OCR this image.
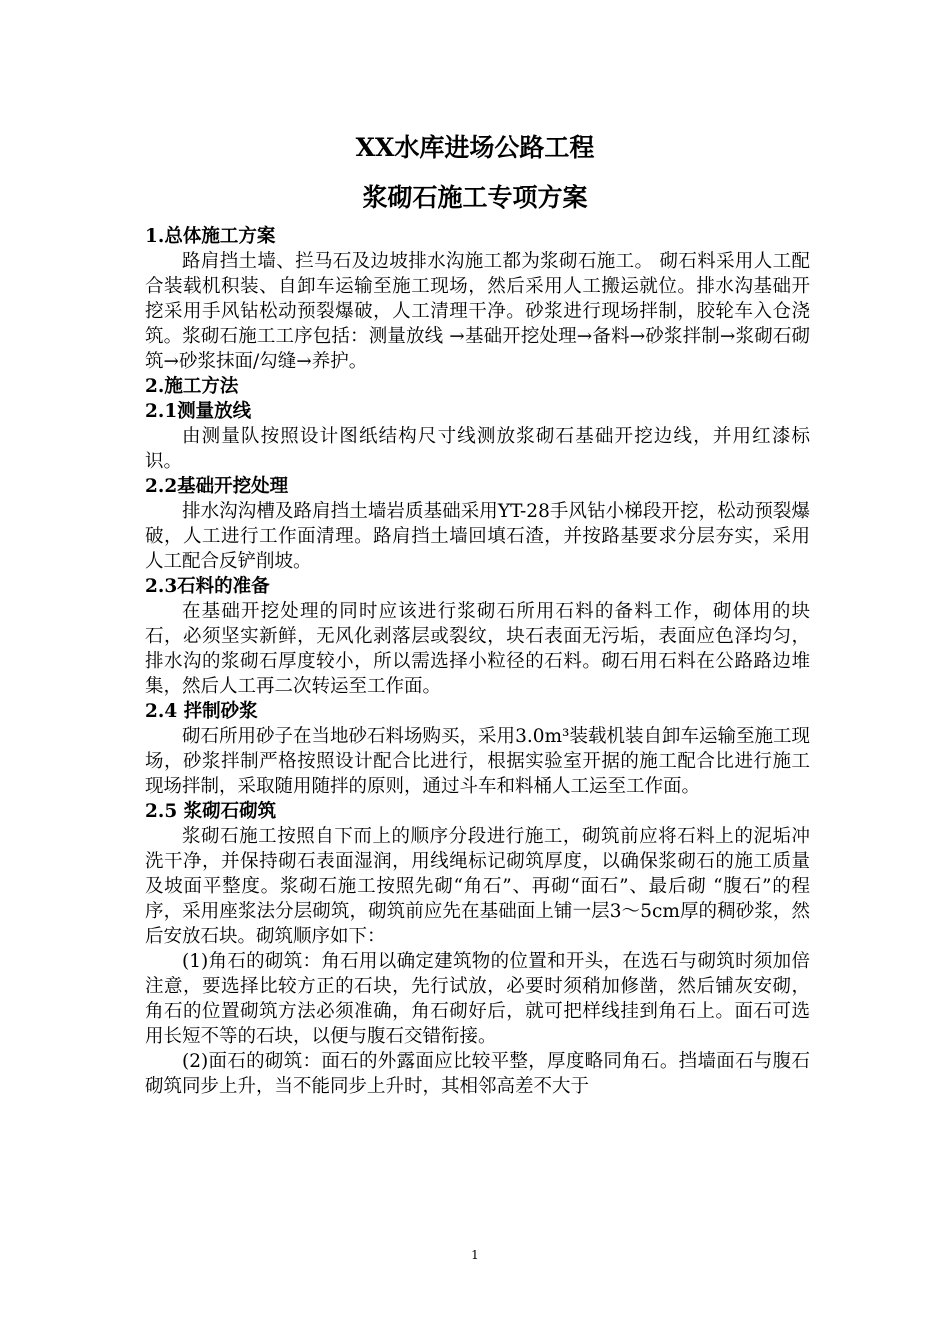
XX水库进场公路工程
浆砌石施工专项方案

1.总体施工方案

路肩挡土墙、拦马石及边坡排水沟施工都为浆砌石施工。 砌石料采用人工配合装载机积装、自卸车运输至施工现场，然后采用人工搬运就位。排水沟基础开挖采用手风钻松动预裂爆破，人工清理干净。砂浆进行现场拌制，胶轮车入仓浇筑。浆砌石施工工序包括：测量放线 →基础开挖处理→备料→砂浆拌制→浆砌石砌筑→砂浆抹面/勾缝→养护。

2.施工方法

2.1测量放线

由测量队按照设计图纸结构尺寸线测放浆砌石基础开挖边线，并用红漆标识。

2.2基础开挖处理

排水沟沟槽及路肩挡土墙岩质基础采用YT-28手风钻小梯段开挖，松动预裂爆破，人工进行工作面清理。路肩挡土墙回填石渣，并按路基要求分层夯实，采用人工配合反铲削坡。

2.3石料的准备

在基础开挖处理的同时应该进行浆砌石所用石料的备料工作，砌体用的块石，必须坚实新鲜，无风化剥落层或裂纹，块石表面无污垢，表面应色泽均匀，排水沟的浆砌石厚度较小，所以需选择小粒径的石料。砌石用石料在公路路边堆集，然后人工再二次转运至工作面。

2.4 拌制砂浆

砌石所用砂子在当地砂石料场购买，采用3.0m³装载机装自卸车运输至施工现场，砂浆拌制严格按照设计配合比进行，根据实验室开据的施工配合比进行施工现场拌制，采取随用随拌的原则，通过斗车和料桶人工运至工作面。

2.5 浆砌石砌筑

浆砌石施工按照自下而上的顺序分段进行施工，砌筑前应将石料上的泥垢冲洗干净，并保持砌石表面湿润，用线绳标记砌筑厚度，以确保浆砌石的施工质量及坡面平整度。浆砌石施工按照先砌“角石”、再砌“面石”、最后砌 “腹石”的程序，采用座浆法分层砌筑，砌筑前应先在基础面上铺一层3～5cm厚的稠砂浆，然后安放石块。砌筑顺序如下：

(1)角石的砌筑：角石用以确定建筑物的位置和开头，在选石与砌筑时须加倍注意，要选择比较方正的石块，先行试放，必要时须稍加修凿，然后铺灰安砌，角石的位置砌筑方法必须准确，角石砌好后，就可把样线挂到角石上。面石可选用长短不等的石块，以便与腹石交错衔接。

(2)面石的砌筑：面石的外露面应比较平整，厚度略同角石。挡墙面石与腹石砌筑同步上升，当不能同步上升时，其相邻高差不大于

1
